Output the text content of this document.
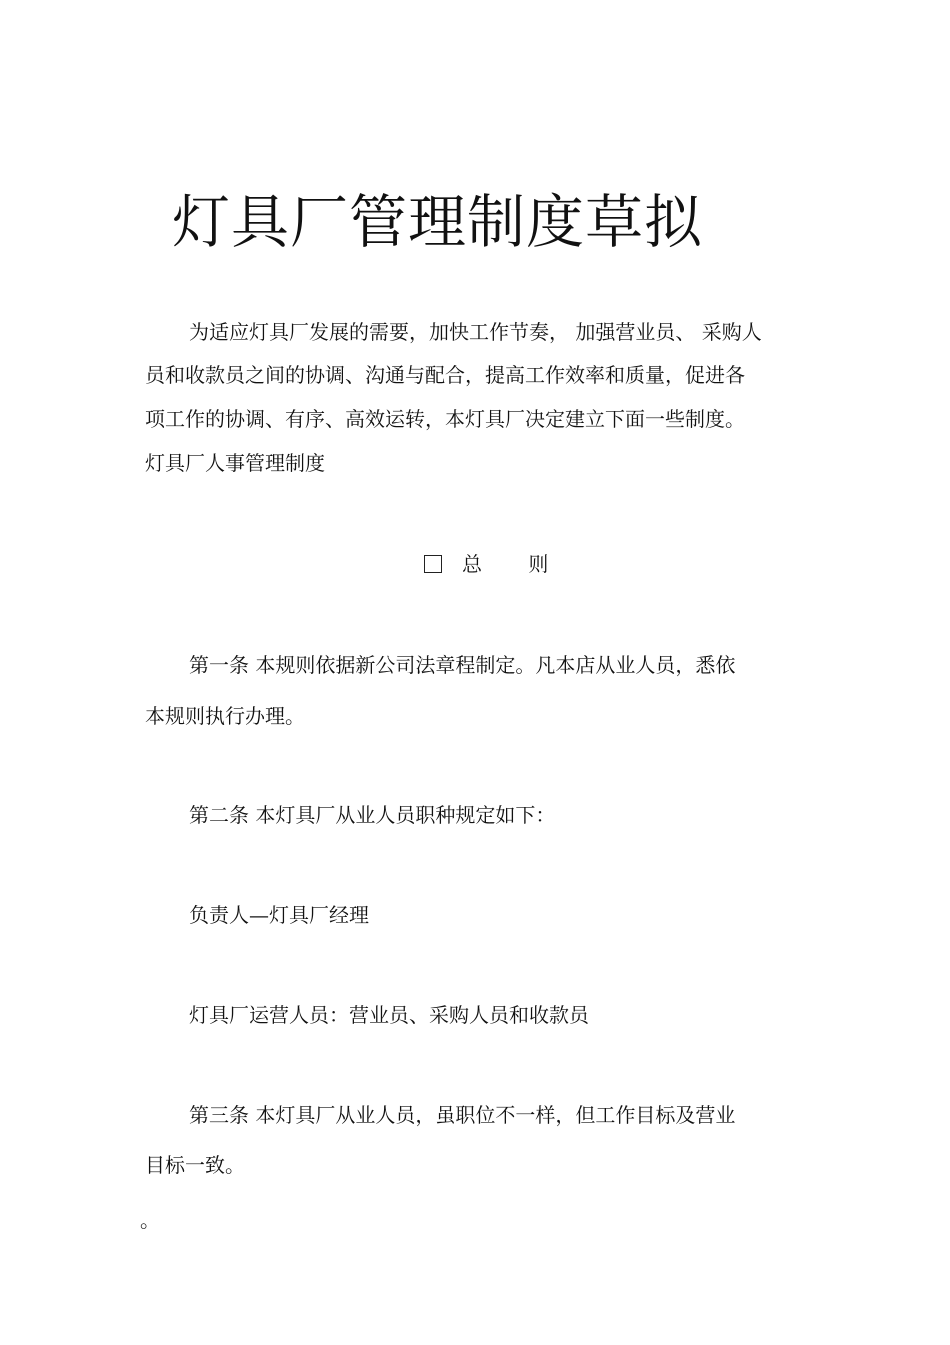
灯具厂管理制度草拟
为适应灯具厂发展的需要，加快工作节奏， 加强营业员、 采购人
员和收款员之间的协调、沟通与配合，提高工作效率和质量，促进各
项工作的协调、有序、高效运转，本灯具厂决定建立下面一些制度。
灯具厂人事管理制度
总 则
第一条 本规则依据新公司法章程制定。凡本店从业人员，悉依
本规则执行办理。
第二条 本灯具厂从业人员职种规定如下：
负责人—灯具厂经理
灯具厂运营人员：营业员、采购人员和收款员
第三条 本灯具厂从业人员，虽职位不一样，但工作目标及营业
目标一致。
。
